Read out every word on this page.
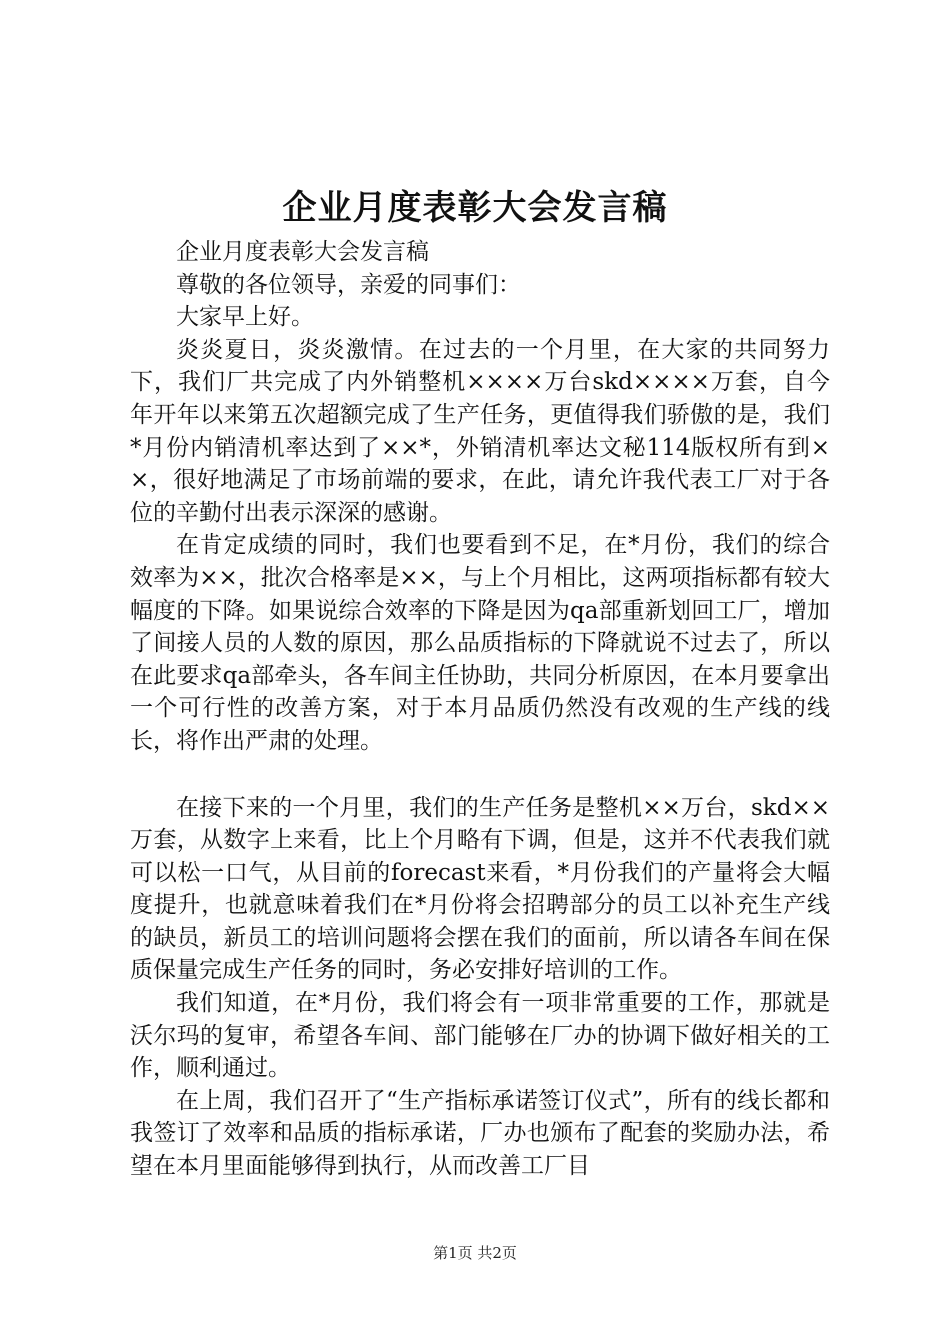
企业月度表彰大会发言稿

企业月度表彰大会发言稿

尊敬的各位领导，亲爱的同事们：

大家早上好。

炎炎夏日，炎炎激情。在过去的一个月里，在大家的共同努力下，我们厂共完成了内外销整机××××万台skd××××万套，自今年开年以来第五次超额完成了生产任务，更值得我们骄傲的是，我们*月份内销清机率达到了××*，外销清机率达文秘114版权所有到××，很好地满足了市场前端的要求，在此，请允许我代表工厂对于各位的辛勤付出表示深深的感谢。

在肯定成绩的同时，我们也要看到不足，在*月份，我们的综合效率为××，批次合格率是××，与上个月相比，这两项指标都有较大幅度的下降。如果说综合效率的下降是因为qa部重新划回工厂，增加了间接人员的人数的原因，那么品质指标的下降就说不过去了，所以在此要求qa部牵头，各车间主任协助，共同分析原因，在本月要拿出一个可行性的改善方案，对于本月品质仍然没有改观的生产线的线长，将作出严肃的处理。

在接下来的一个月里，我们的生产任务是整机××万台，skd××万套，从数字上来看，比上个月略有下调，但是，这并不代表我们就可以松一口气，从目前的forecast来看，*月份我们的产量将会大幅度提升，也就意味着我们在*月份将会招聘部分的员工以补充生产线的缺员，新员工的培训问题将会摆在我们的面前，所以请各车间在保质保量完成生产任务的同时，务必安排好培训的工作。

我们知道，在*月份，我们将会有一项非常重要的工作，那就是沃尔玛的复审，希望各车间、部门能够在厂办的协调下做好相关的工作，顺利通过。

在上周，我们召开了“生产指标承诺签订仪式”，所有的线长都和我签订了效率和品质的指标承诺，厂办也颁布了配套的奖励办法，希望在本月里面能够得到执行，从而改善工厂目

第1页 共2页
